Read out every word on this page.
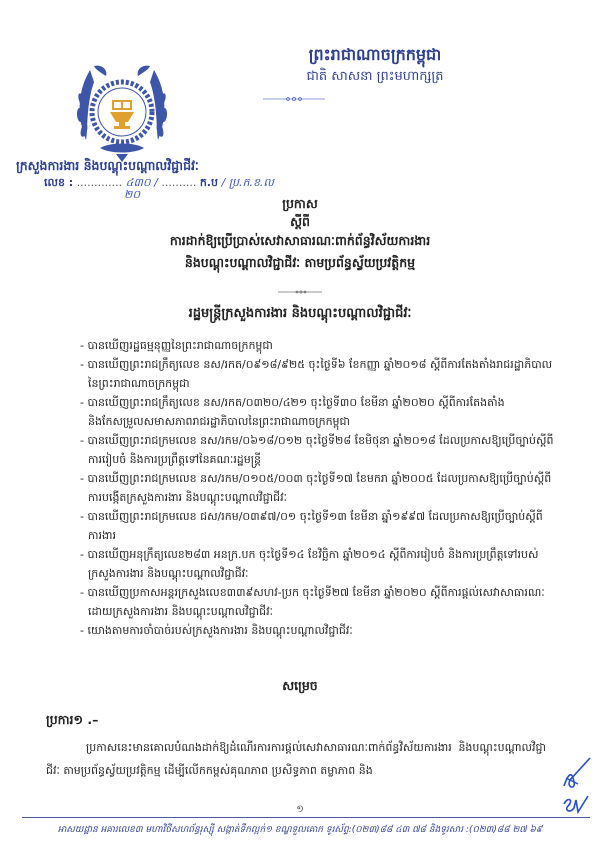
ព្រះរាជាណាចក្រកម្ពុជា
ជាតិ សាសនា ព្រះមហាក្សត្រ
ក្រសួងការងារ និងបណ្តុះបណ្តាលវិជ្ជាជីវៈ
លេខ : ............. ៤៣០ / .......... ក.ប / ប្រ.ក.ខ.ល
២០
ប្រកាស
ស្តីពី
ការដាក់ឱ្យប្រើប្រាស់សេវាសាធារណៈពាក់ព័ន្ធវិស័យការងារ
និងបណ្តុះបណ្តាលវិជ្ជាជីវៈ តាមប្រព័ន្ធស្វ័យប្រវត្តិកម្ម
រដ្ឋមន្ត្រីក្រសួងការងារ និងបណ្តុះបណ្តាលវិជ្ជាជីវៈ
- បានឃើញរដ្ឋធម្មនុញ្ញនៃព្រះរាជាណាចក្រកម្ពុជា
- បានឃើញព្រះរាជក្រឹត្យលេខ នស/រកត/០៩១៨/៩២៥ ចុះថ្ងៃទី៦ ខែកញ្ញា ឆ្នាំ២០១៨ ស្តីពីការតែងតាំងរាជរដ្ឋាភិបាល នៃព្រះរាជាណាចក្រកម្ពុជា
- បានឃើញព្រះរាជក្រឹត្យលេខ នស/រកត/០៣២០/៤២១ ចុះថ្ងៃទី៣០ ខែមីនា ឆ្នាំ២០២០ ស្តីពីការតែងតាំង និងកែសម្រួលសមាសភាពរាជរដ្ឋាភិបាលនៃព្រះរាជាណាចក្រកម្ពុជា
- បានឃើញព្រះរាជក្រមលេខ នស/រកម/០៦១៨/០១២ ចុះថ្ងៃទី២៨ ខែមិថុនា ឆ្នាំ២០១៨ ដែលប្រកាសឱ្យប្រើច្បាប់ស្តីពីការរៀបចំ និងការប្រព្រឹត្តទៅនៃគណៈរដ្ឋមន្ត្រី
- បានឃើញព្រះរាជក្រមលេខ នស/រកម/០១០៥/០០៣ ចុះថ្ងៃទី១៧ ខែមករា ឆ្នាំ២០០៥ ដែលប្រកាសឱ្យប្រើច្បាប់ស្តីពីការបង្កើតក្រសួងការងារ និងបណ្តុះបណ្តាលវិជ្ជាជីវៈ
- បានឃើញព្រះរាជក្រមលេខ ជស/រកម/០៣៩៧/០១ ចុះថ្ងៃទី១៣ ខែមីនា ឆ្នាំ១៩៩៧ ដែលប្រកាសឱ្យប្រើច្បាប់ស្តីពីការងារ
- បានឃើញអនុក្រឹត្យលេខ២៨៣ អនក្រ.បក ចុះថ្ងៃទី១៤ ខែវិច្ឆិកា ឆ្នាំ២០១៤ ស្តីពីការរៀបចំ និងការប្រព្រឹត្តទៅរបស់ក្រសួងការងារ និងបណ្តុះបណ្តាលវិជ្ជាជីវៈ
- បានឃើញប្រកាសអន្តរក្រសួងលេខ៣៣៩សហវ-ប្រក ចុះថ្ងៃទី២៧ ខែមីនា ឆ្នាំ២០២០ ស្តីពីការផ្តល់សេវាសាធារណៈដោយក្រសួងការងារ និងបណ្តុះបណ្តាលវិជ្ជាជីវៈ
- យោងតាមការចាំបាច់របស់ក្រសួងការងារ និងបណ្តុះបណ្តាលវិជ្ជាជីវៈ
សម្រេច
ប្រការ១ .–
ប្រកាសនេះមានគោលបំណងដាក់ឱ្យដំណើរការការផ្តល់សេវាសាធារណៈពាក់ព័ន្ធវិស័យការងារ និងបណ្តុះបណ្តាលវិជ្ជាជីវៈ តាមប្រព័ន្ធស្វ័យប្រវត្តិកម្ម ដើម្បីលើកកម្ពស់គុណភាព ប្រសិទ្ធភាព តម្លាភាព និង
១
អាសយដ្ឋាន អគារលេខ៣ មហាវិថីសហព័ន្ធរុស្ស៊ី សង្កាត់ទឹកល្អក់១ ខណ្ឌទួលគោក ទូរស័ព្ទ:(០២៣)៨៨ ៤៣ ៧៨ និងទូរសារ :(០២៣)៨៨ ២៧ ៦៩
